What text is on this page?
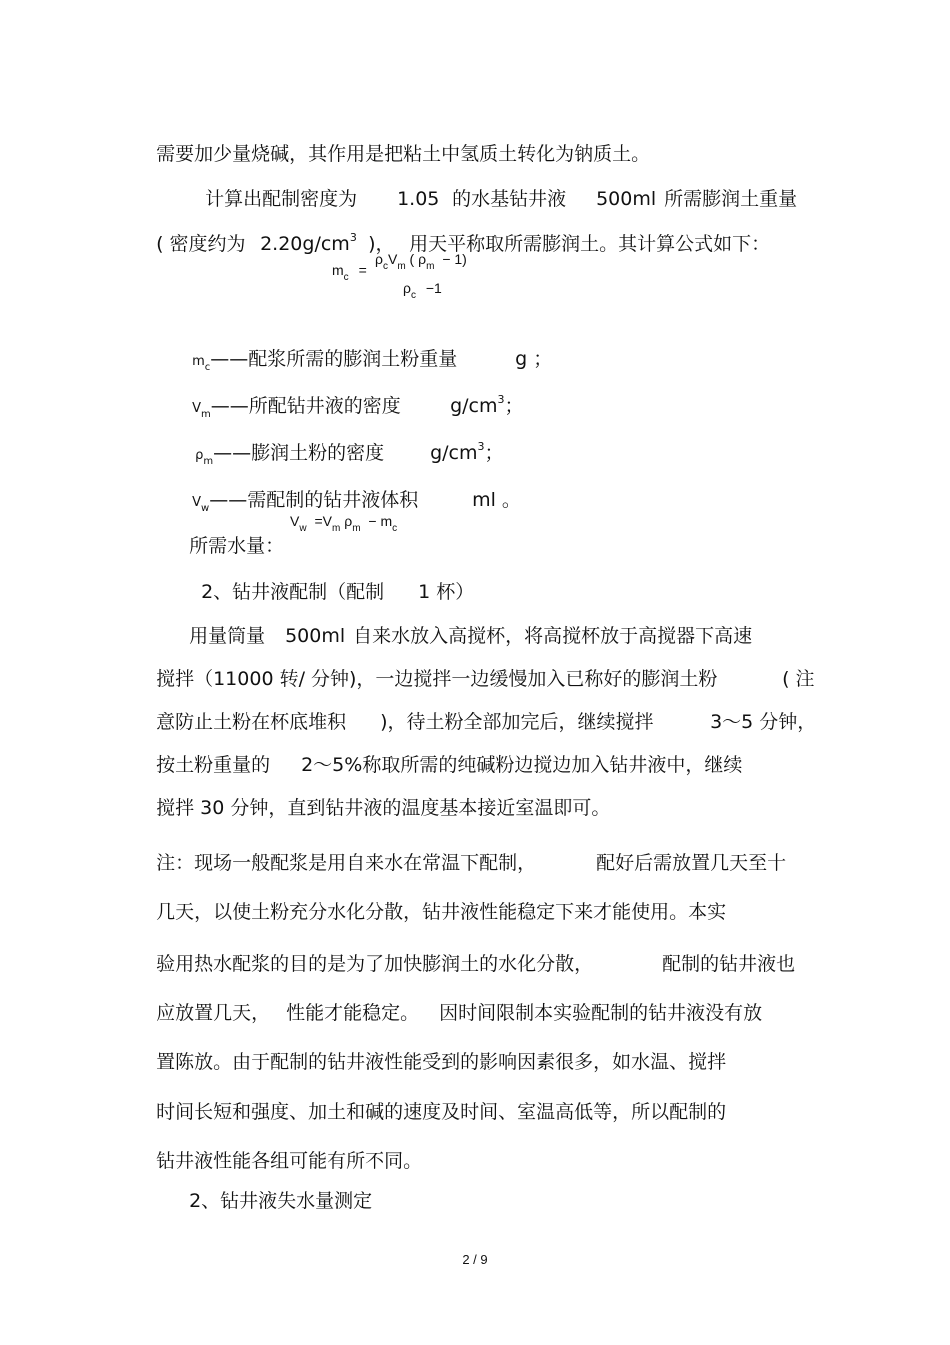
需要加少量烧碱，其作用是把粘土中氢质土转化为钠质土。

计算出配制密度为	1.05 的水基钻井液	500ml 所需膨润土重量

( 密度约为 $2.20g/cm^3$ )， 用天平称取所需膨润土。其计算公式如下：

$m_c$ =
$\rho_cV_m$ ( $\rho_m - 1$)
$\rho_c -1$

$m_c——$配浆所需的膨润土粉重量	g ；

$V_m——$所配钻井液的密度	$g/cm^3$；

$\rho_m——$膨润土粉的密度	$g/cm^3$；

$V_w——$需配制的钻井液体积	ml 。

所需水量：

$V_w =V_m$ $\rho_m - m_c$

2、钻井液配制（配制	1 杯）

用量筒量	500ml 自来水放入高搅杯，将高搅杯放于高搅器下高速

搅拌（11000 转/ 分钟)，一边搅拌一边缓慢加入已称好的膨润土粉	( 注

意防止土粉在杯底堆积	)，待土粉全部加完后，继续搅拌	3～5 分钟，

按土粉重量的	2～5%称取所需的纯碱粉边搅边加入钻井液中，继续

搅拌 30 分钟，直到钻井液的温度基本接近室温即可。

注：现场一般配浆是用自来水在常温下配制，	配好后需放置几天至十

几天，以使土粉充分水化分散，钻井液性能稳定下来才能使用。本实

验用热水配浆的目的是为了加快膨润土的水化分散，	配制的钻井液也

应放置几天， 性能才能稳定。	因时间限制本实验配制的钻井液没有放

置陈放。由于配制的钻井液性能受到的影响因素很多，如水温、搅拌

时间长短和强度、加土和碱的速度及时间、室温高低等，所以配制的

钻井液性能各组可能有所不同。

2、钻井液失水量测定

2 / 9
